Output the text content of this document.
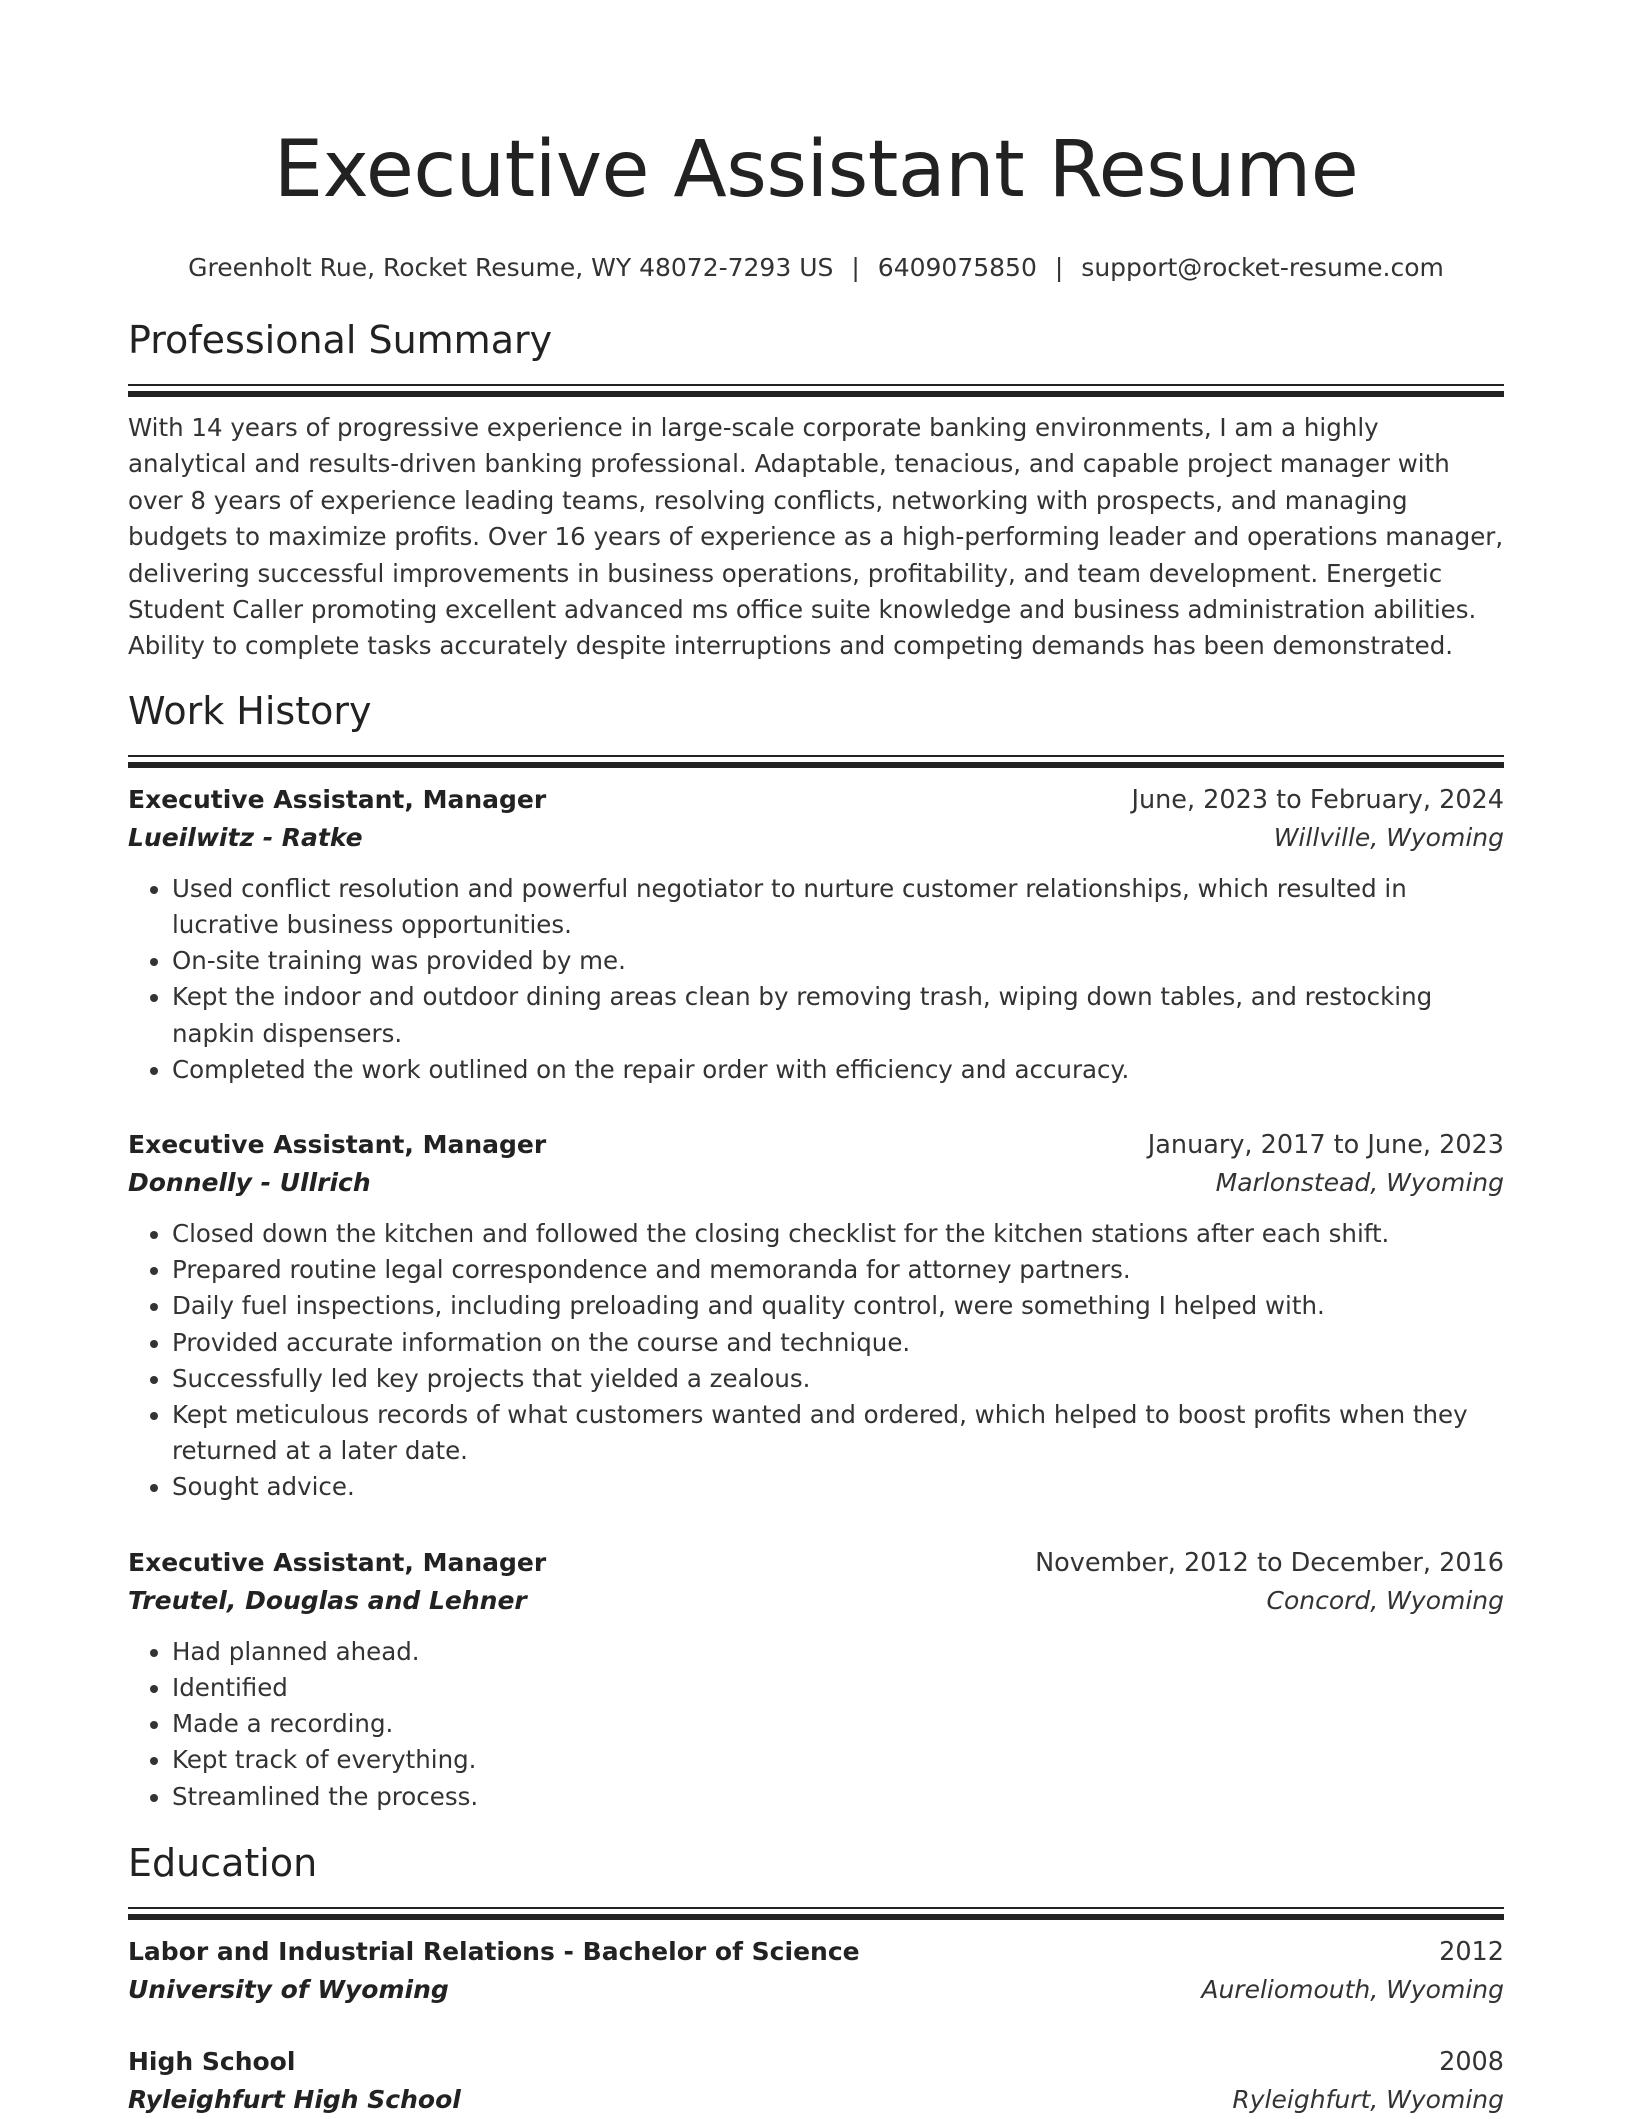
Executive Assistant Resume
Greenholt Rue, Rocket Resume, WY 48072-7293 US | 6409075850 | support@rocket-resume.com
Professional Summary

With 14 years of progressive experience in large-scale corporate banking environments, I am a highly analytical and results-driven banking professional. Adaptable, tenacious, and capable project manager with over 8 years of experience leading teams, resolving conflicts, networking with prospects, and managing budgets to maximize profits. Over 16 years of experience as a high-performing leader and operations manager, delivering successful improvements in business operations, profitability, and team development. Energetic Student Caller promoting excellent advanced ms office suite knowledge and business administration abilities. Ability to complete tasks accurately despite interruptions and competing demands has been demonstrated.

Work History
Executive Assistant, Manager	June, 2023 to February, 2024
Lueilwitz - Ratke	Willville, Wyoming
• Used conflict resolution and powerful negotiator to nurture customer relationships, which resulted in lucrative business opportunities.
• On-site training was provided by me.
• Kept the indoor and outdoor dining areas clean by removing trash, wiping down tables, and restocking napkin dispensers.
• Completed the work outlined on the repair order with efficiency and accuracy.
Executive Assistant, Manager	January, 2017 to June, 2023
Donnelly - Ullrich	Marlonstead, Wyoming
• Closed down the kitchen and followed the closing checklist for the kitchen stations after each shift.
• Prepared routine legal correspondence and memoranda for attorney partners.
• Daily fuel inspections, including preloading and quality control, were something I helped with.
• Provided accurate information on the course and technique.
• Successfully led key projects that yielded a zealous.
• Kept meticulous records of what customers wanted and ordered, which helped to boost profits when they returned at a later date.
• Sought advice.
Executive Assistant, Manager	November, 2012 to December, 2016
Treutel, Douglas and Lehner	Concord, Wyoming
• Had planned ahead.
• Identified
• Made a recording.
• Kept track of everything.
• Streamlined the process.
Education
Labor and Industrial Relations - Bachelor of Science	2012
University of Wyoming	Aureliomouth, Wyoming
High School	2008
Ryleighfurt High School	Ryleighfurt, Wyoming
